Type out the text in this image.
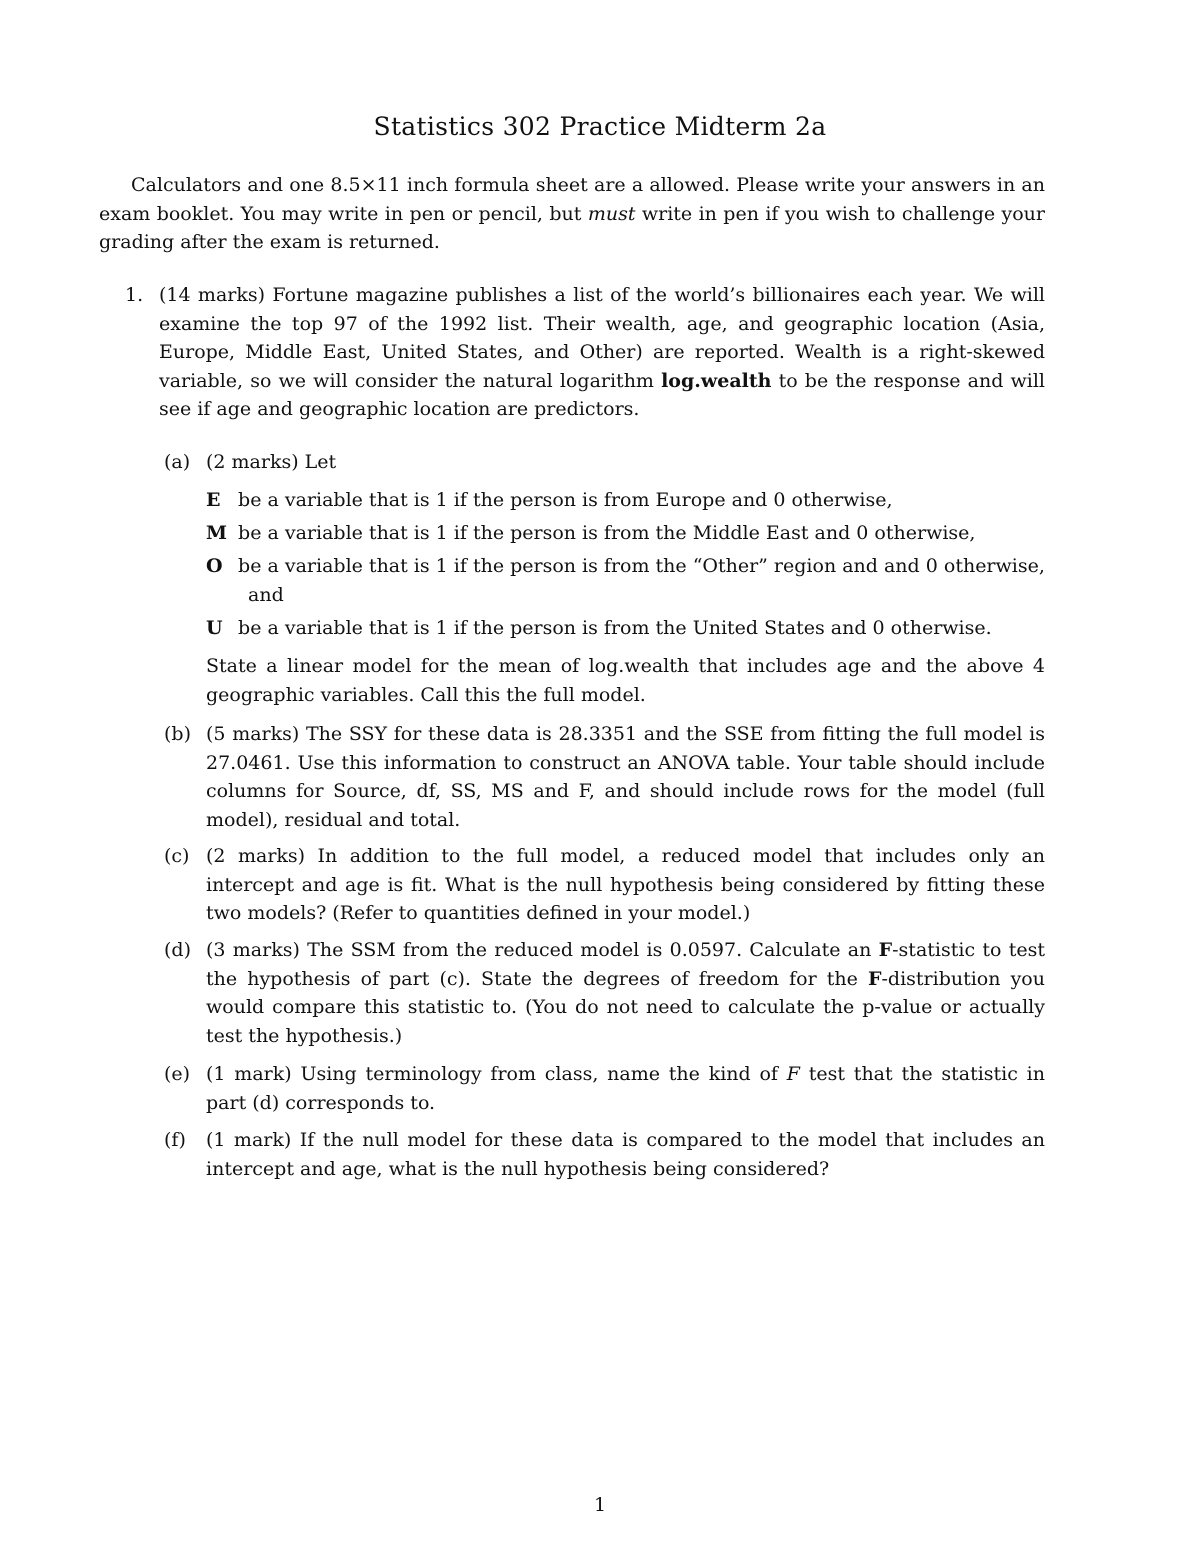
Statistics 302 Practice Midterm 2a
Calculators and one 8.5×11 inch formula sheet are a allowed. Please write your answers in an exam booklet. You may write in pen or pencil, but must write in pen if you wish to challenge your grading after the exam is returned.
1. (14 marks) Fortune magazine publishes a list of the world’s billionaires each year. We will examine the top 97 of the 1992 list. Their wealth, age, and geographic location (Asia, Europe, Middle East, United States, and Other) are reported. Wealth is a right-skewed variable, so we will consider the natural logarithm log.wealth to be the response and will see if age and geographic location are predictors.
(a) (2 marks) Let
E be a variable that is 1 if the person is from Europe and 0 otherwise,
M be a variable that is 1 if the person is from the Middle East and 0 otherwise,
O be a variable that is 1 if the person is from the “Other” region and and 0 otherwise,
and
U be a variable that is 1 if the person is from the United States and 0 otherwise.
State a linear model for the mean of log.wealth that includes age and the above 4 geographic variables. Call this the full model.
(b) (5 marks) The SSY for these data is 28.3351 and the SSE from fitting the full model is 27.0461. Use this information to construct an ANOVA table. Your table should include columns for Source, df, SS, MS and F, and should include rows for the model (full model), residual and total.
(c) (2 marks) In addition to the full model, a reduced model that includes only an intercept and age is fit. What is the null hypothesis being considered by fitting these two models? (Refer to quantities defined in your model.)
(d) (3 marks) The SSM from the reduced model is 0.0597. Calculate an F-statistic to test the hypothesis of part (c). State the degrees of freedom for the F-distribution you would compare this statistic to. (You do not need to calculate the p-value or actually test the hypothesis.)
(e) (1 mark) Using terminology from class, name the kind of F test that the statistic in part (d) corresponds to.
(f) (1 mark) If the null model for these data is compared to the model that includes an intercept and age, what is the null hypothesis being considered?
1
